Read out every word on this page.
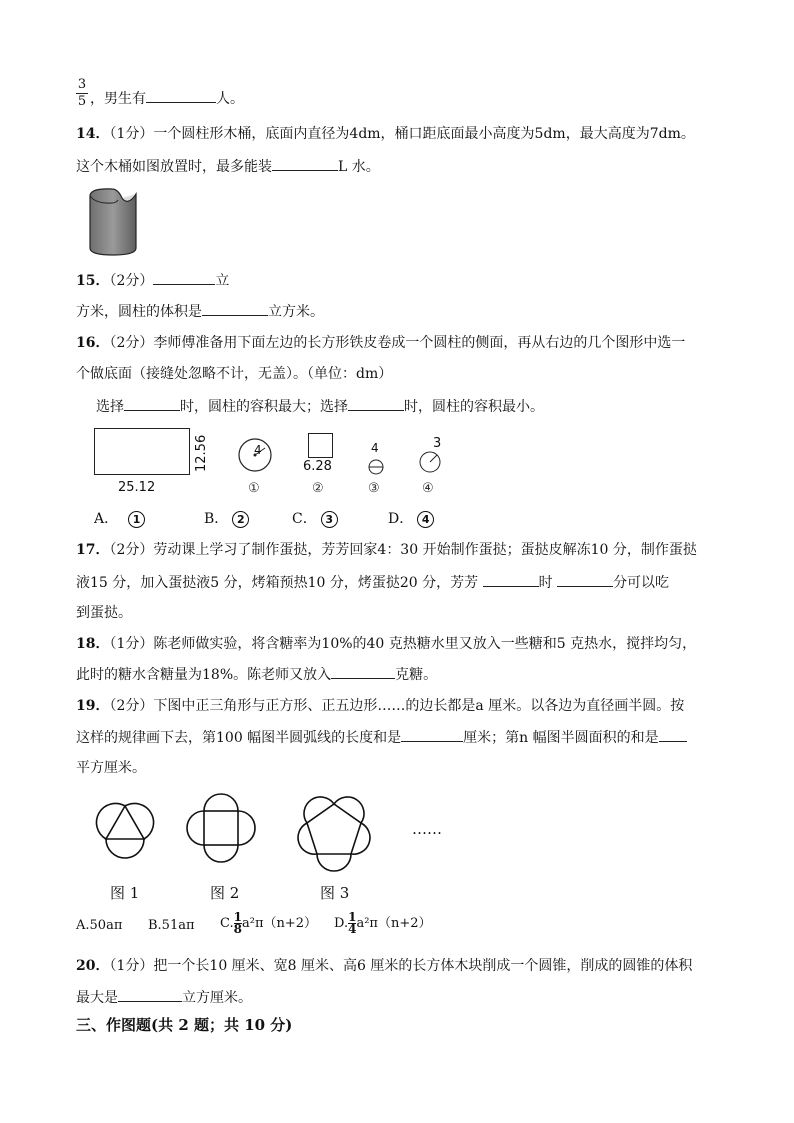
3
5 ，男生有	人。
14．（1分）一个圆柱形木桶，底面内直径为4dm，桶口距底面最小高度为5dm，最大高度为7dm。
这个木桶如图放置时，最多能装	L 水。
15．（2分）	立
方米，圆柱的体积是	立方米。
16．（2分）李师傅准备用下面左边的长方形铁皮卷成一个圆柱的侧面，再从右边的几个图形中选一
个做底面（接缝处忽略不计，无盖）。（单位：dm）
选择	时，圆柱的容积最大；选择	时，圆柱的容积最小。
25.12
12.56	4
6.28
4	3
①	②	③	④
A． 1	B． 2	C． 3	D． 4
17．（2分）劳动课上学习了制作蛋挞，芳芳回家4：30 开始制作蛋挞；蛋挞皮解冻10 分，制作蛋挞
液15 分，加入蛋挞液5 分，烤箱预热10 分，烤蛋挞20 分，芳芳	时	分可以吃
到蛋挞。
18．（1分）陈老师做实验，将含糖率为10%的40 克热糖水里又放入一些糖和5 克热水，搅拌均匀，
此时的糖水含糖量为18%。陈老师又放入	克糖。
19．（2分）下图中正三角形与正方形、正五边形……的边长都是a 厘米。以各边为直径画半圆。按
这样的规律画下去，第100 幅图半圆弧线的长度和是	厘米；第n 幅图半圆面积的和是
平方厘米。
……
图 1	图 2	图 3
A.50aπ B.51aπ C. $\frac{1}{8} a^2\pi(n+2)$ D. $\frac{1}{4} a^2\pi(n+2)$
20．（1分）把一个长10 厘米、宽8 厘米、高6 厘米的长方体木块削成一个圆锥，削成的圆锥的体积
最大是	立方厘米。
三、作图题(共 2 题；共 10 分)
